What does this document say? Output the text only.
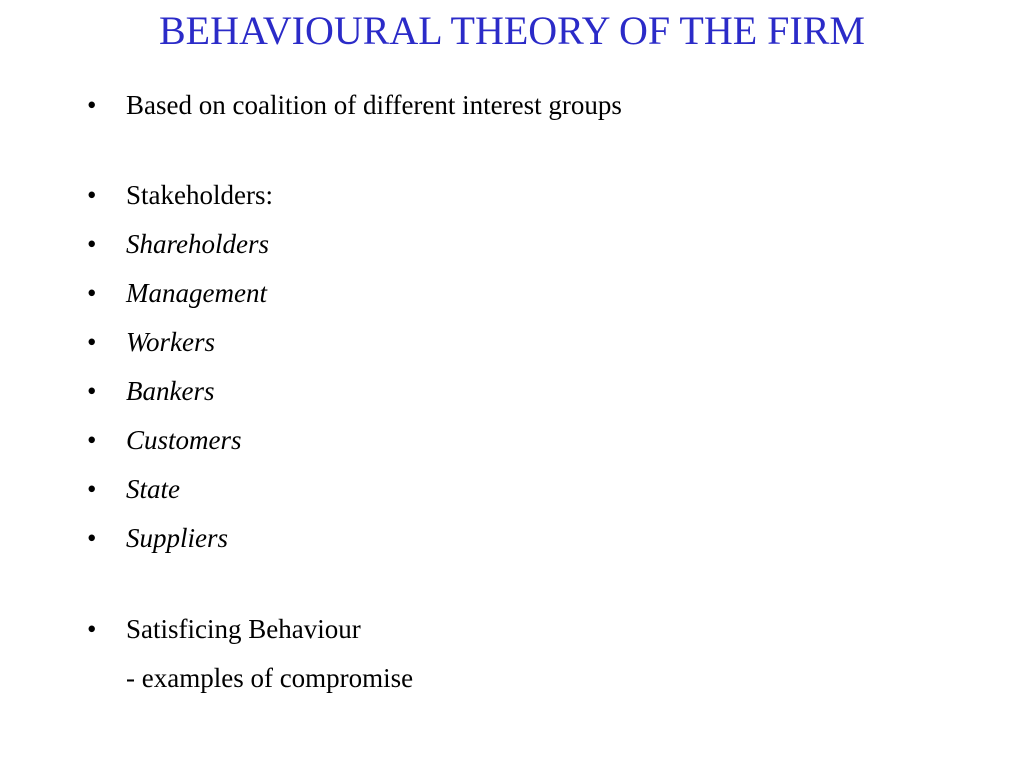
BEHAVIOURAL THEORY OF THE FIRM
•	Based on coalition of different interest groups
•	Stakeholders:
•	Shareholders
•	Management
•	Workers
•	Bankers
•	Customers
•	State
•	Suppliers
•	Satisficing Behaviour
- examples of compromise
